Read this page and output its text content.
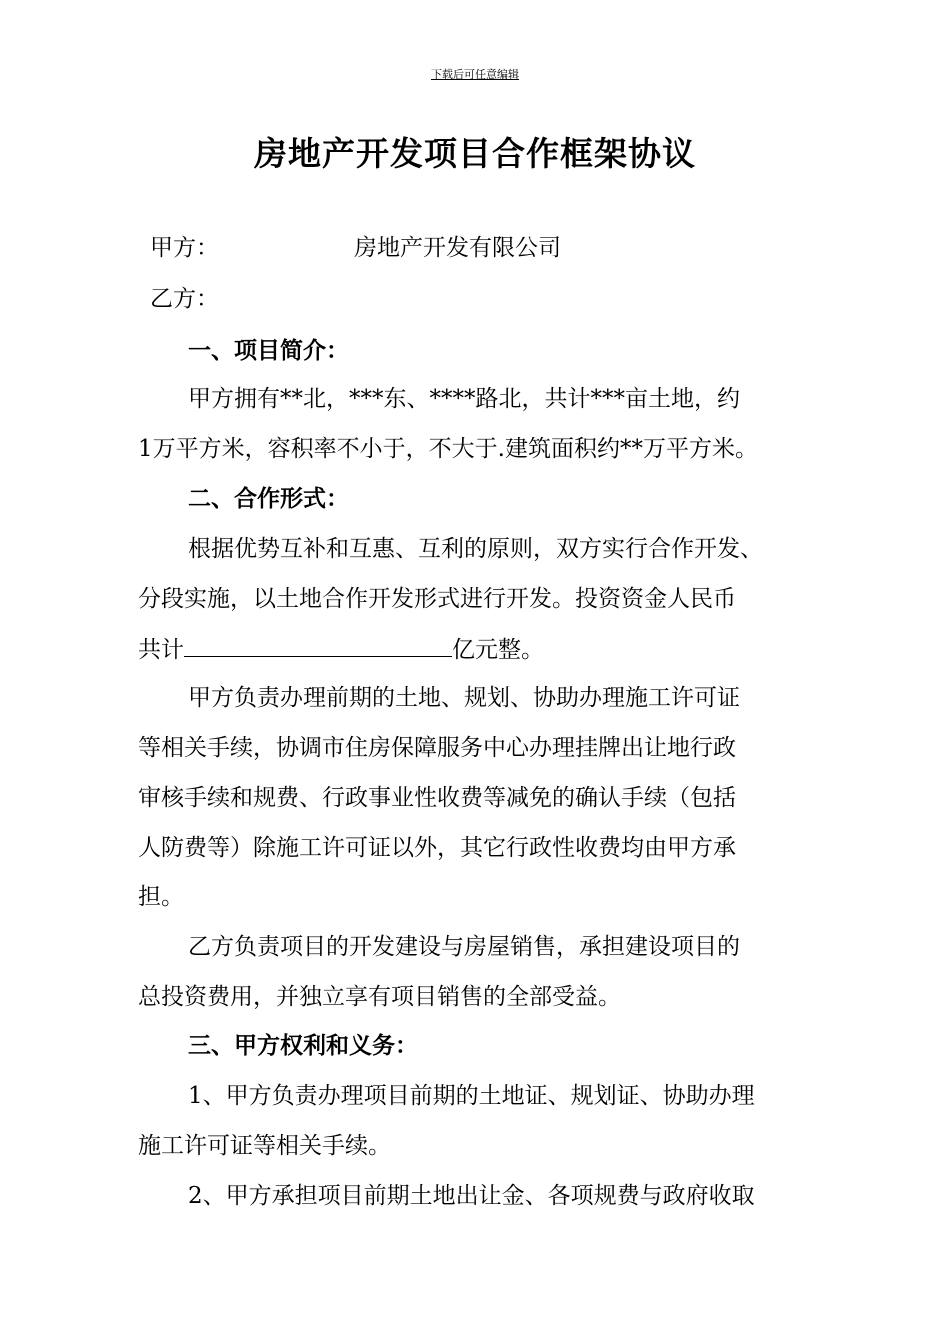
下载后可任意编辑
房地产开发项目合作框架协议
甲方：	房地产开发有限公司
乙方：
一、项目简介：
甲方拥有**北，***东、****路北，共计***亩土地，约
1万平方米，容积率不小于，不大于.建筑面积约**万平方米。
二、合作形式：
根据优势互补和互惠、互利的原则，双方实行合作开发、
分段实施，以土地合作开发形式进行开发。投资资金人民币
共计	亿元整。
甲方负责办理前期的土地、规划、协助办理施工许可证
等相关手续，协调市住房保障服务中心办理挂牌出让地行政
审核手续和规费、行政事业性收费等减免的确认手续（包括
人防费等）除施工许可证以外，其它行政性收费均由甲方承
担。
乙方负责项目的开发建设与房屋销售，承担建设项目的
总投资费用，并独立享有项目销售的全部受益。
三、甲方权利和义务：
1、甲方负责办理项目前期的土地证、规划证、协助办理
施工许可证等相关手续。
2、甲方承担项目前期土地出让金、各项规费与政府收取
